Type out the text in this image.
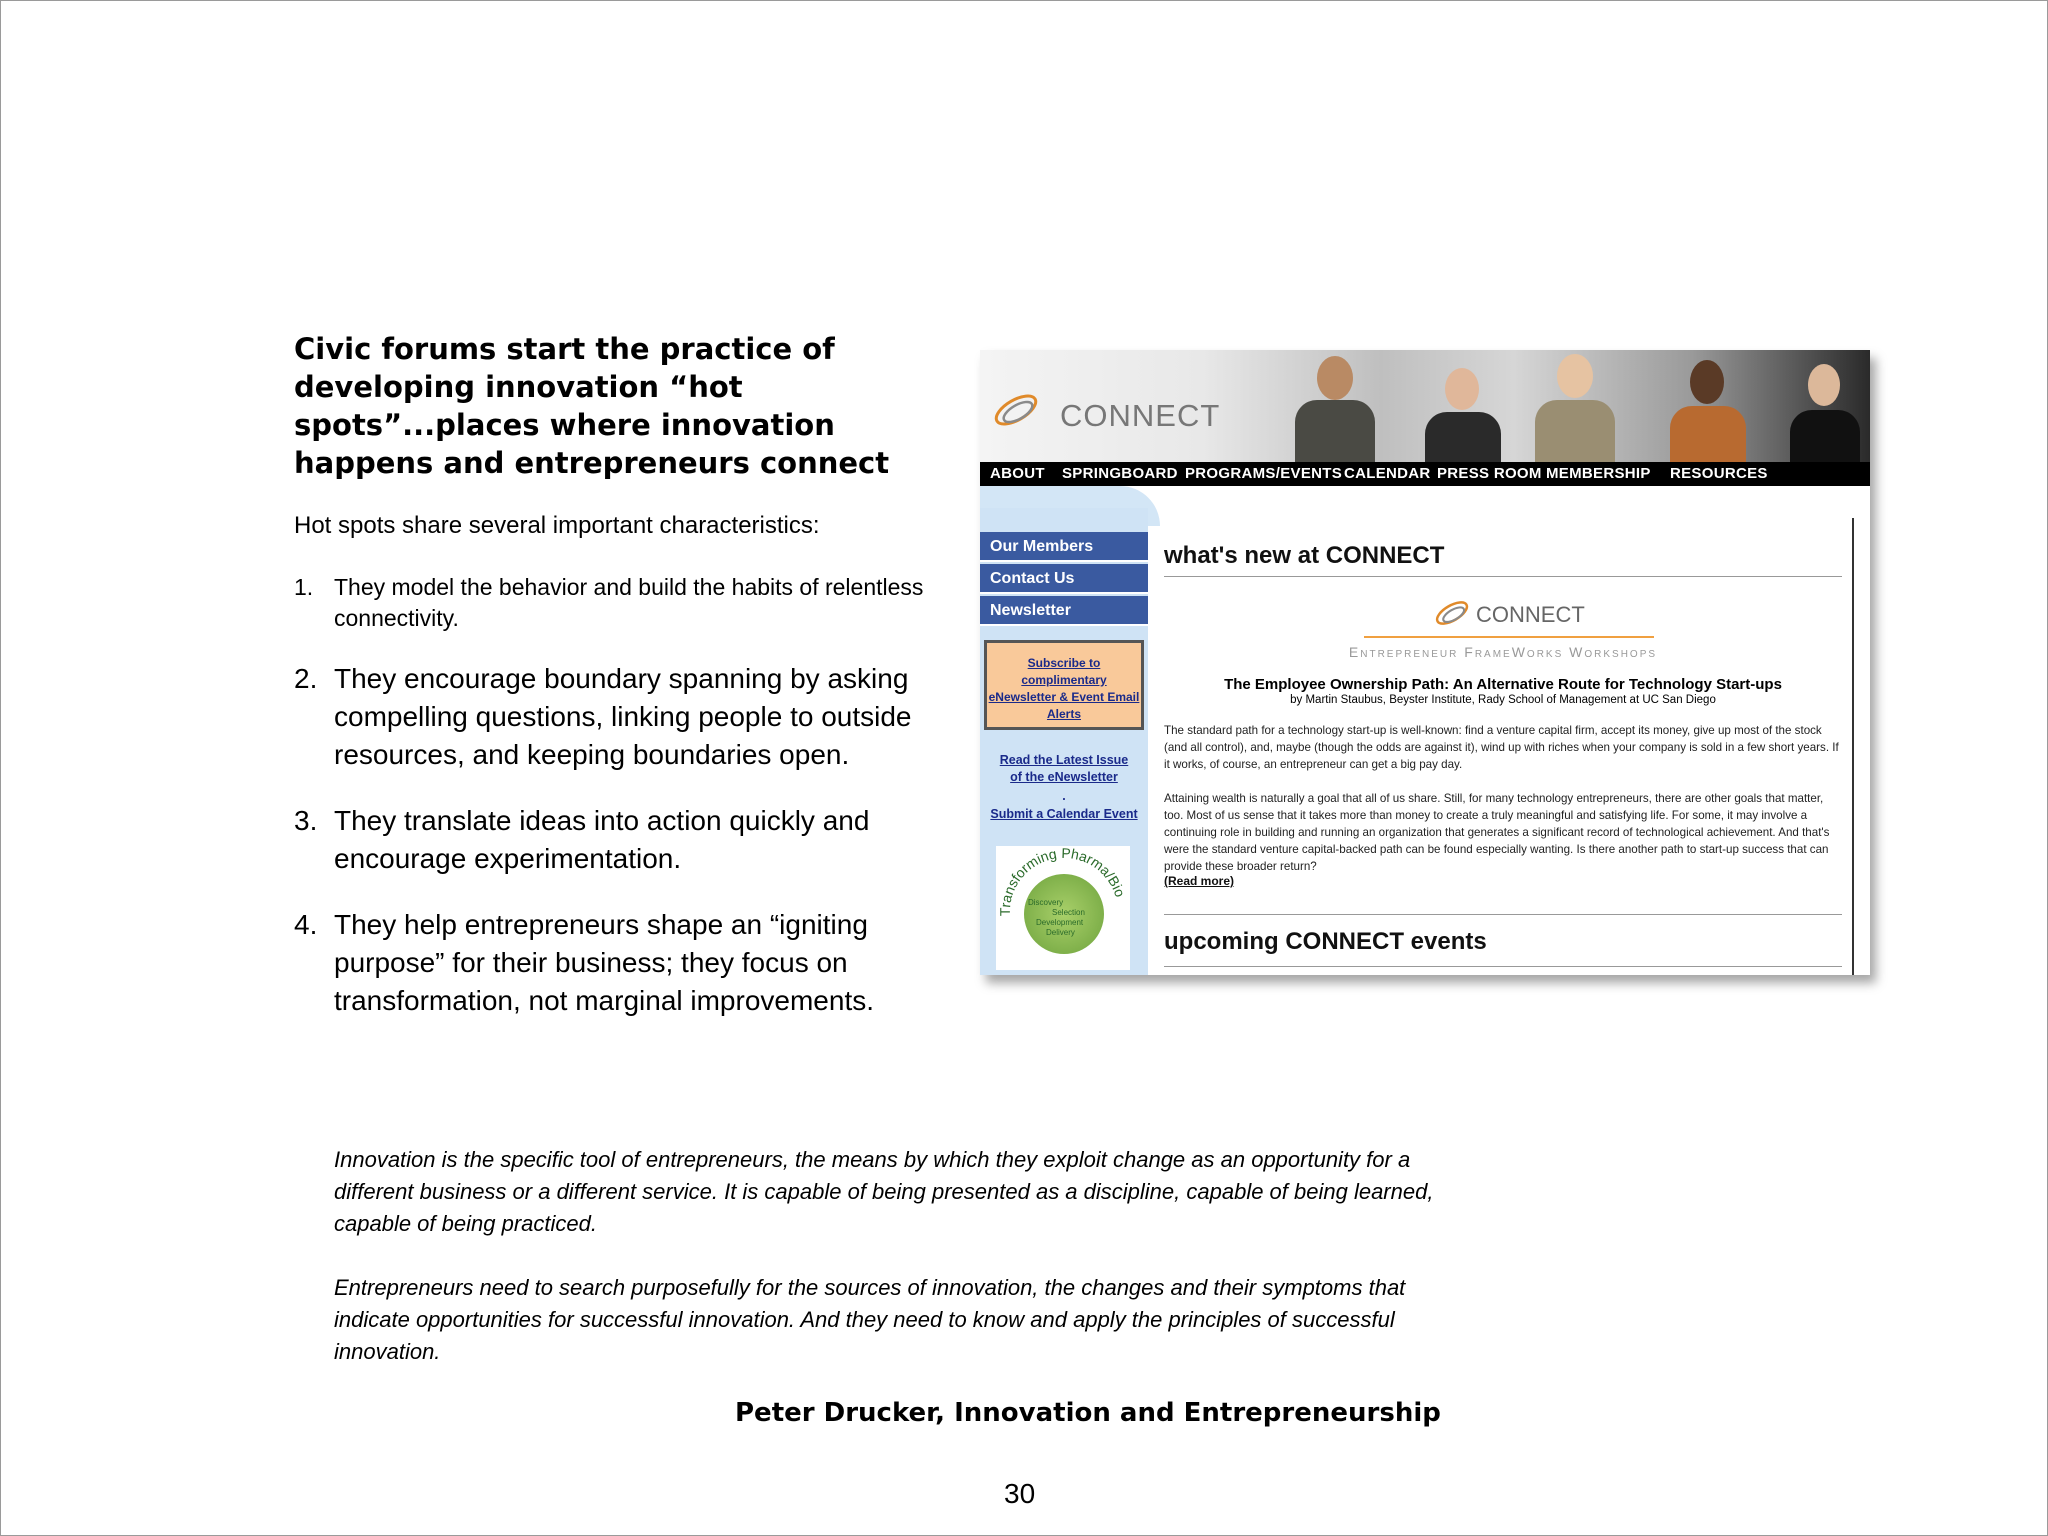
Civic forums start the practice of developing innovation “hot spots”...places where innovation happens and entrepreneurs connect
Hot spots share several important characteristics:
1. They model the behavior and build the habits of relentless connectivity.
2. They encourage boundary spanning by asking compelling questions, linking people to outside resources, and keeping boundaries open.
3. They translate ideas into action quickly and encourage experimentation.
4. They help entrepreneurs shape an “igniting purpose” for their business; they focus on transformation, not marginal improvements.
CONNECT
ABOUT SPRINGBOARD PROGRAMS/EVENTS CALENDAR PRESS ROOM MEMBERSHIP RESOURCES
Our Members
Contact Us
Newsletter
Subscribe to complimentary eNewsletter & Event Email Alerts
Read the Latest Issue of the eNewsletter
.
Submit a Calendar Event
Transforming Pharma/Bio
Discovery
Selection
Development
Delivery
what's new at CONNECT
CONNECT
Entrepreneur FrameWorks Workshops
The Employee Ownership Path: An Alternative Route for Technology Start-ups
by Martin Staubus, Beyster Institute, Rady School of Management at UC San Diego
The standard path for a technology start-up is well-known: find a venture capital firm, accept its money, give up most of the stock (and all control), and, maybe (though the odds are against it), wind up with riches when your company is sold in a few short years. If it works, of course, an entrepreneur can get a big pay day.
Attaining wealth is naturally a goal that all of us share. Still, for many technology entrepreneurs, there are other goals that matter, too. Most of us sense that it takes more than money to create a truly meaningful and satisfying life. For some, it may involve a continuing role in building and running an organization that generates a significant record of technological achievement. And that's were the standard venture capital-backed path can be found especially wanting. Is there another path to start-up success that can provide these broader return?
(Read more)
upcoming CONNECT events
Innovation is the specific tool of entrepreneurs, the means by which they exploit change as an opportunity for a different business or a different service. It is capable of being presented as a discipline, capable of being learned, capable of being practiced.
Entrepreneurs need to search purposefully for the sources of innovation, the changes and their symptoms that indicate opportunities for successful innovation. And they need to know and apply the principles of successful innovation.
Peter Drucker, Innovation and Entrepreneurship
30
